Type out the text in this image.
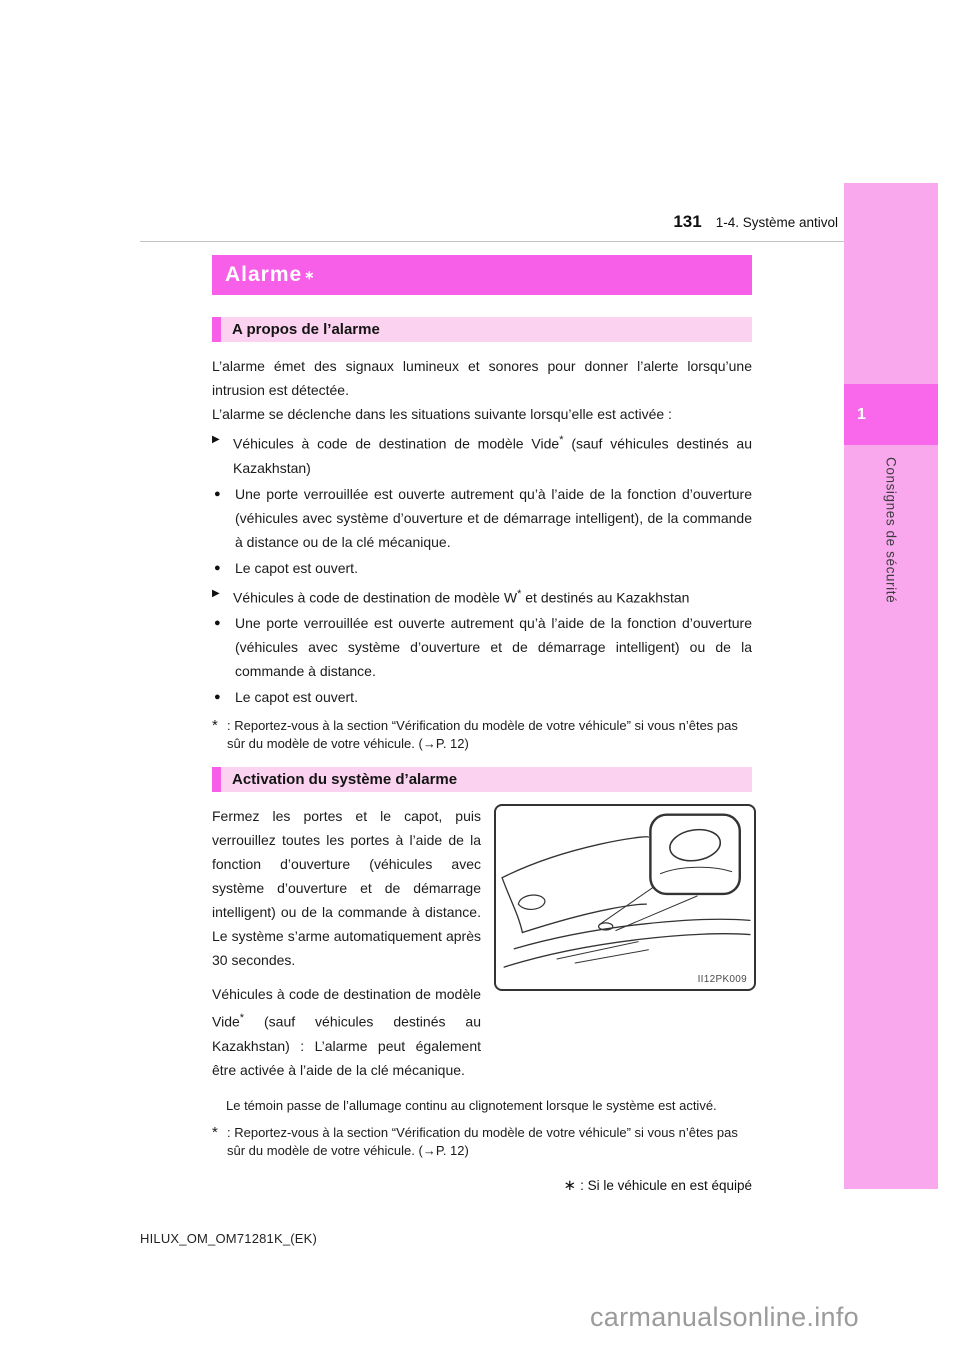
131 1-4. Système antivol
1
Consignes de sécurité
Alarme ∗
A propos de l’alarme

L’alarme émet des signaux lumineux et sonores pour donner l’alerte lorsqu’une intrusion est détectée.

L’alarme se déclenche dans les situations suivante lorsqu’elle est activée :

▶ Véhicules à code de destination de modèle Vide* (sauf véhicules destinés au Kazakhstan)
●	Une porte verrouillée est ouverte autrement qu’à l’aide de la fonction d’ouverture (véhicules avec système d’ouverture et de démarrage intelligent), de la commande à distance ou de la clé mécanique.
●	Le capot est ouvert.
▶ Véhicules à code de destination de modèle W* et destinés au Kazakhstan
●	Une porte verrouillée est ouverte autrement qu’à l’aide de la fonction d’ouverture (véhicules avec système d’ouverture et de démarrage intelligent) ou de la commande à distance.
●	Le capot est ouvert.
* : Reportez-vous à la section “Vérification du modèle de votre véhicule” si vous n’êtes pas sûr du modèle de votre véhicule. (→P. 12)
Activation du système d’alarme

Fermez les portes et le capot, puis verrouillez toutes les portes à l’aide de la fonction d’ouverture (véhicules avec système d’ouverture et de démarrage intelligent) ou de la commande à distance. Le système s’arme automatiquement après 30 secondes.

Véhicules à code de destination de modèle Vide* (sauf véhicules destinés au Kazakhstan) : L’alarme peut également être activée à l’aide de la clé mécanique.

II12PK009

Le témoin passe de l’allumage continu au clignotement lorsque le système est activé.

* : Reportez-vous à la section “Vérification du modèle de votre véhicule” si vous n’êtes pas sûr du modèle de votre véhicule. (→P. 12)

∗ : Si le véhicule en est équipé

HILUX_OM_OM71281K_(EK)
carmanualsonline.info
